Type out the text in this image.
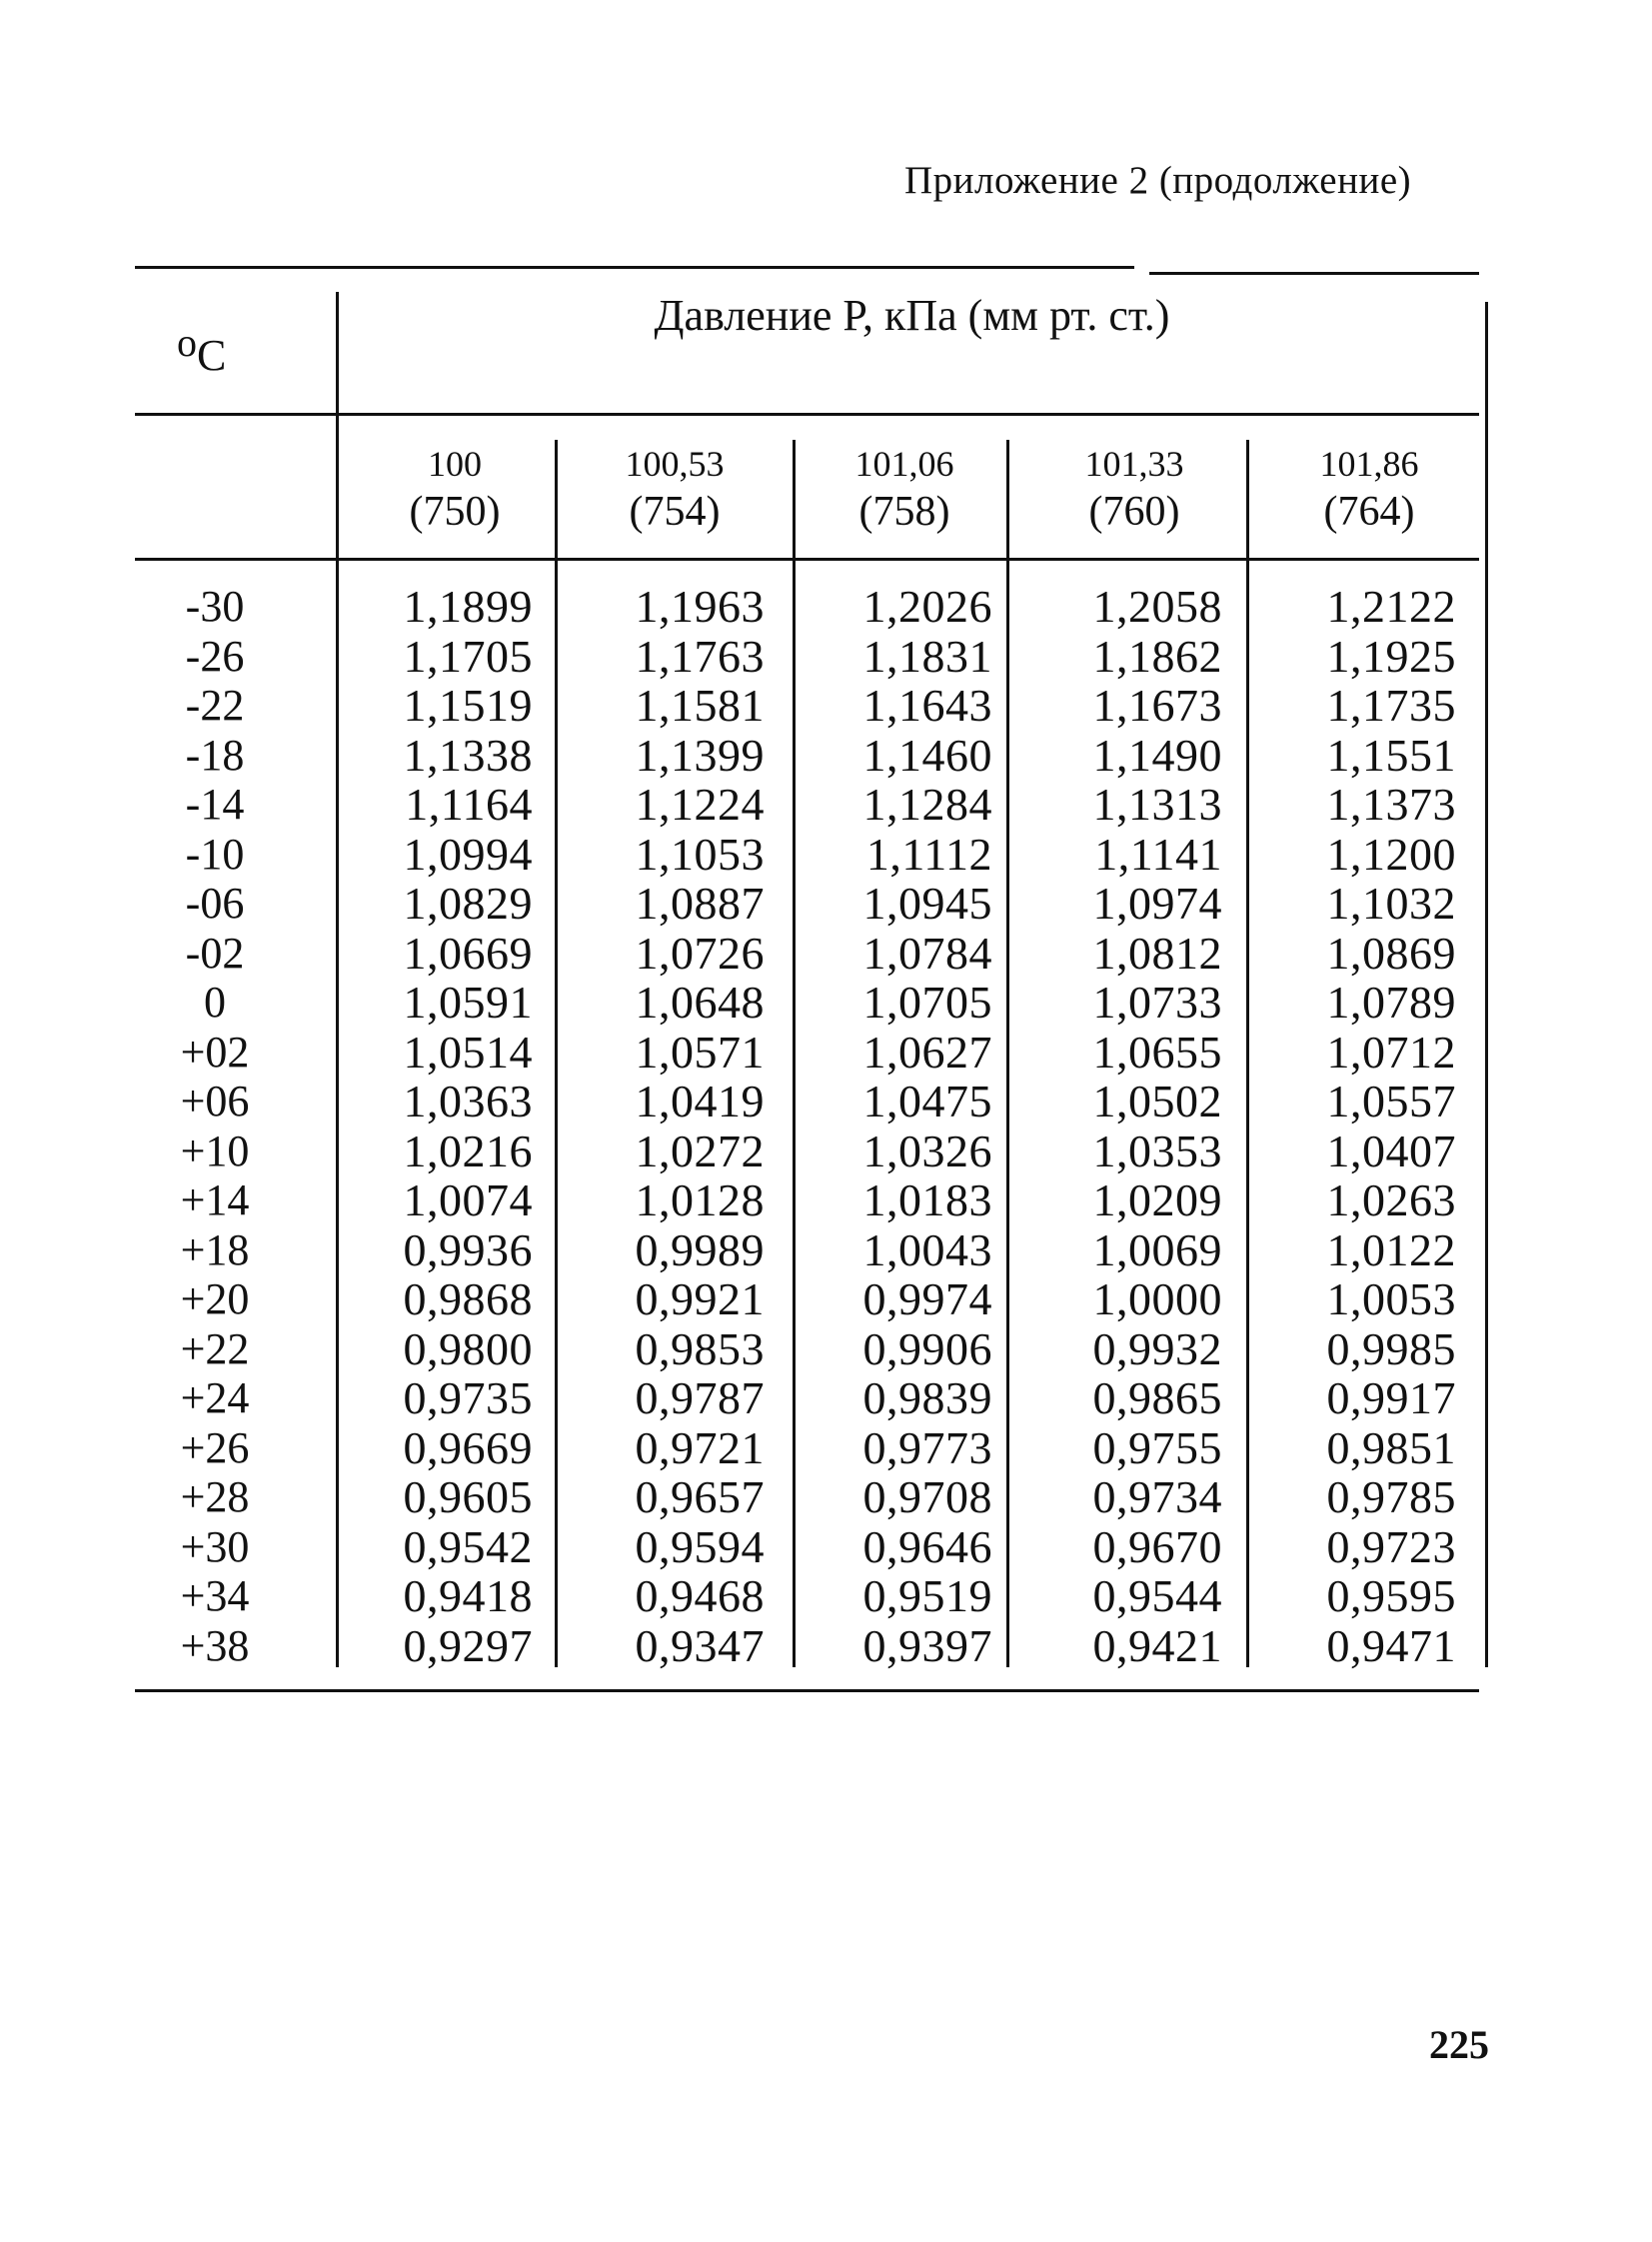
Приложение 2 (продолжение)
oC
Давление P, кПа (мм рт. ст.)
100
(750)
100,53
(754)
101,06
(758)
101,33
(760)
101,86
(764)
-30
-26
-22
-18
-14
-10
-06
-02
0
+02
+06
+10
+14
+18
+20
+22
+24
+26
+28
+30
+34
+38
1,1899
1,1705
1,1519
1,1338
1,1164
1,0994
1,0829
1,0669
1,0591
1,0514
1,0363
1,0216
1,0074
0,9936
0,9868
0,9800
0,9735
0,9669
0,9605
0,9542
0,9418
0,9297
1,1963
1,1763
1,1581
1,1399
1,1224
1,1053
1,0887
1,0726
1,0648
1,0571
1,0419
1,0272
1,0128
0,9989
0,9921
0,9853
0,9787
0,9721
0,9657
0,9594
0,9468
0,9347
1,2026
1,1831
1,1643
1,1460
1,1284
1,1112
1,0945
1,0784
1,0705
1,0627
1,0475
1,0326
1,0183
1,0043
0,9974
0,9906
0,9839
0,9773
0,9708
0,9646
0,9519
0,9397
1,2058
1,1862
1,1673
1,1490
1,1313
1,1141
1,0974
1,0812
1,0733
1,0655
1,0502
1,0353
1,0209
1,0069
1,0000
0,9932
0,9865
0,9755
0,9734
0,9670
0,9544
0,9421
1,2122
1,1925
1,1735
1,1551
1,1373
1,1200
1,1032
1,0869
1,0789
1,0712
1,0557
1,0407
1,0263
1,0122
1,0053
0,9985
0,9917
0,9851
0,9785
0,9723
0,9595
0,9471
225
